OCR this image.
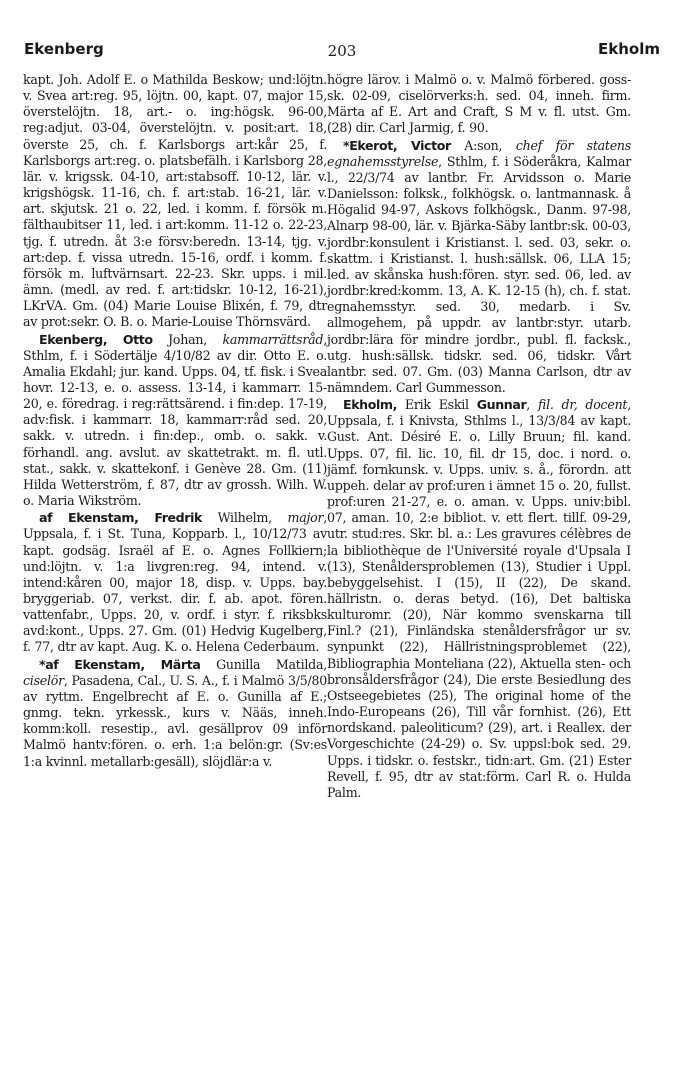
Ekenberg	203	Ekholm

kapt. Joh. Adolf E. o Mathilda Beskow; und:löjtn. v. Svea art:reg. 95, löjtn. 00, kapt. 07, major 15, överstelöjtn. 18, art.- o. ing:högsk. 96-00, reg:adjut. 03-04, överstelöjtn. v. posit:art. 18, överste 25, ch. f. Karlsborgs art:kår 25, f. Karlsborgs art:reg. o. platsbefälh. i Karlsborg 28, lär. v. krigssk. 04-10, art:stabsoff. 10-12, lär. v. krigshögsk. 11-16, ch. f. art:stab. 16-21, lär. v. art. skjutsk. 21 o. 22, led. i komm. f. försök m. fälthaubitser 11, led. i art:komm. 11-12 o. 22-23, tjg. f. utredn. åt 3:e försv:beredn. 13-14, tjg. v. art:dep. f. vissa utredn. 15-16, ordf. i komm. f. försök m. luftvärnsart. 22-23. Skr. upps. i mil. ämn. (medl. av red. f. art:tidskr. 10-12, 16-21), LKrVA. Gm. (04) Marie Louise Blixén, f. 79, dtr av prot:sekr. O. B. o. Marie-Louise Thörnsvärd.

Ekenberg, Otto Johan, kammarrättsråd, Sthlm, f. i Södertälje 4/10/82 av dir. Otto E. o. Amalia Ekdahl; jur. kand. Upps. 04, tf. fisk. i Svea hovr. 12-13, e. o. assess. 13-14, i kammarr. 15-20, e. föredrag. i reg:rättsärend. i fin:dep. 17-19, adv:fisk. i kammarr. 18, kammarr:råd sed. 20, sakk. v. utredn. i fin:dep., omb. o. sakk. v. förhandl. ang. avslut. av skattetrakt. m. fl. utl. stat., sakk. v. skattekonf. i Genève 28. Gm. (11) Hilda Wetterström, f. 87, dtr av grossh. Wilh. W. o. Maria Wikström.

af Ekenstam, Fredrik Wilhelm, major, Uppsala, f. i St. Tuna, Kopparb. l., 10/12/73 av kapt. godsäg. Israël af E. o. Agnes Follkiern; und:löjtn. v. 1:a livgren:reg. 94, intend. v. intend:kåren 00, major 18, disp. v. Upps. bay. bryggeriab. 07, verkst. dir. f. ab. apot. fören. vattenfabr., Upps. 20, v. ordf. i styr. f. riksbks avd:kont., Upps. 27. Gm. (01) Hedvig Kugelberg, f. 77, dtr av kapt. Aug. K. o. Helena Cederbaum.

*af Ekenstam, Märta Gunilla Matilda, ciselör, Pasadena, Cal., U. S. A., f. i Malmö 3/5/80 av ryttm. Engelbrecht af E. o. Gunilla af E.; gnmg. tekn. yrkessk., kurs v. Nääs, inneh. komm:koll. resestip., avl. gesällprov 09 inför Malmö hantv:fören. o. erh. 1:a belön:gr. (Sv:es 1:a kvinnl. metallarb:gesäll), slöjdlär:a v.

högre lärov. i Malmö o. v. Malmö förbered. goss-sk. 02-09, ciselörverks:h. sed. 04, inneh. firm. Märta af E. Art and Craft, S M v. fl. utst. Gm. (28) dir. Carl Jarmig, f. 90.

*Ekerot, Victor A:son, chef för statens egnahemsstyrelse, Sthlm, f. i Söderåkra, Kalmar l., 22/3/74 av lantbr. Fr. Arvidsson o. Marie Danielsson: folksk., folkhögsk. o. lantmannask. å Högalid 94-97, Askovs folkhögsk., Danm. 97-98, Alnarp 98-00, lär. v. Bjärka-Säby lantbr:sk. 00-03, jordbr:konsulent i Kristianst. l. sed. 03, sekr. o. skattm. i Kristianst. l. hush:sällsk. 06, LLA 15; led. av skånska hush:fören. styr. sed. 06, led. av jordbr:kred:komm. 13, A. K. 12-15 (h), ch. f. stat. egnahemsstyr. sed. 30, medarb. i Sv. allmogehem, på uppdr. av lantbr:styr. utarb. jordbr:lära för mindre jordbr., publ. fl. facksk., utg. hush:sällsk. tidskr. sed. 06, tidskr. Vårt lantbr. sed. 07. Gm. (03) Manna Carlson, dtr av nämndem. Carl Gummesson.

Ekholm, Erik Eskil Gunnar, fil. dr, docent, Uppsala, f. i Knivsta, Sthlms l., 13/3/84 av kapt. Gust. Ant. Désiré E. o. Lilly Bruun; fil. kand. Upps. 07, fil. lic. 10, fil. dr 15, doc. i nord. o. jämf. fornkunsk. v. Upps. univ. s. å., förordn. att uppeh. delar av prof:uren i ämnet 15 o. 20, fullst. prof:uren 21-27, e. o. aman. v. Upps. univ:bibl. 07, aman. 10, 2:e bibliot. v. ett flert. tillf. 09-29, utr. stud:res. Skr. bl. a.: Les gravures célèbres de la bibliothèque de l'Université royale d'Upsala I (13), Stenåldersproblemen (13), Studier i Uppl. bebyggelsehist. I (15), II (22), De skand. hällristn. o. deras betyd. (16), Det baltiska kulturomr. (20), När kommo svenskarna till Finl.? (21), Finländska stenåldersfrågor ur sv. synpunkt (22), Hällristningsproblemet (22), Bibliographia Monteliana (22), Aktuella sten- och bronsåldersfrågor (24), Die erste Besiedlung des Ostseegebietes (25), The original home of the Indo-Europeans (26), Till vår fornhist. (26), Ett nordskand. paleoliticum? (29), art. i Reallex. der Vorgeschichte (24-29) o. Sv. uppsl:bok sed. 29. Upps. i tidskr. o. festskr., tidn:art. Gm. (21) Ester Revell, f. 95, dtr av stat:förm. Carl R. o. Hulda Palm.
